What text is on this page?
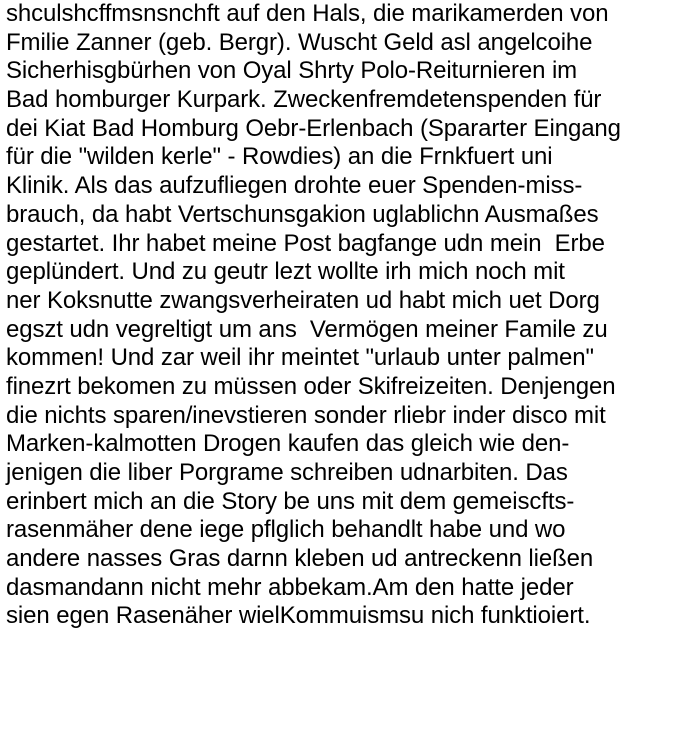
shculshcffmsnsnchft auf den Hals, die marikamerden von
Fmilie Zanner (geb. Bergr). Wuscht Geld asl angelcoihe
Sicherhisgbürhen von Oyal Shrty Polo-Reiturnieren im
Bad homburger Kurpark. Zweckenfremdetenspenden für
dei Kiat Bad Homburg Oebr-Erlenbach (Spararter Eingang
für die "wilden kerle" - Rowdies) an die Frnkfuert uni
Klinik. Als das aufzufliegen drohte euer Spenden-miss-
brauch, da habt Vertschunsgakion uglablichn Ausmaßes
gestartet. Ihr habet meine Post bagfange udn mein  Erbe
geplündert. Und zu geutr lezt wollte irh mich noch mit
ner Koksnutte zwangsverheiraten ud habt mich uet Dorg
egszt udn vegreltigt um ans  Vermögen meiner Famile zu
kommen! Und zar weil ihr meintet "urlaub unter palmen"
finezrt bekomen zu müssen oder Skifreizeiten. Denjengen
die nichts sparen/inevstieren sonder rliebr inder disco mit
Marken-kalmotten Drogen kaufen das gleich wie den-
jenigen die liber Porgrame schreiben udnarbiten. Das
erinbert mich an die Story be uns mit dem gemeiscfts-
rasenmäher dene iege pflglich behandlt habe und wo
andere nasses Gras darnn kleben ud antreckenn ließen
dasmandann nicht mehr abbekam.Am den hatte jeder
sien egen Rasenäher wielKommuismsu nich funktioiert.
